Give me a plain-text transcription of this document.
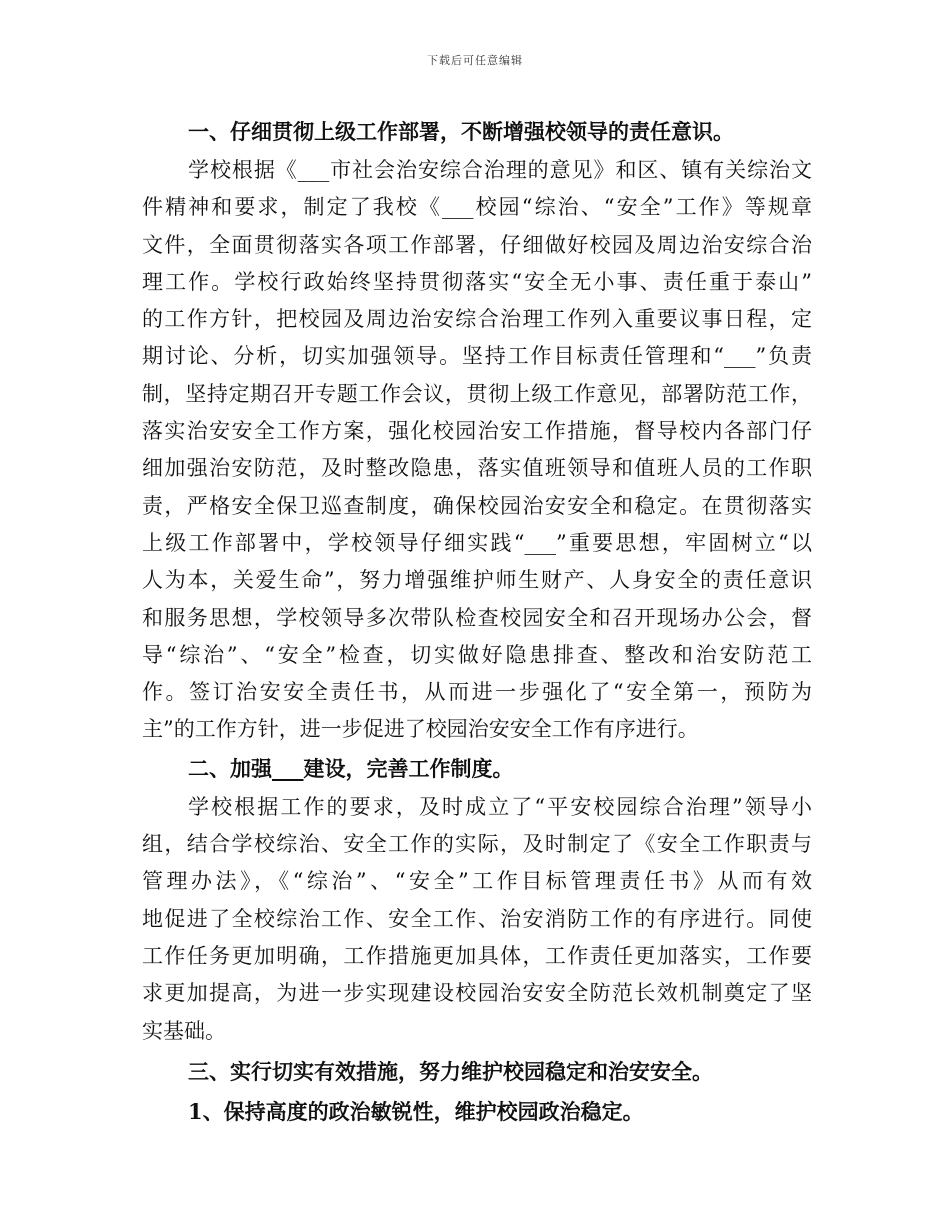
下载后可任意编辑
一、仔细贯彻上级工作部署，不断增强校领导的责任意识。
学校根据《___市社会治安综合治理的意见》和区、镇有关综治文
件精神和要求，制定了我校《___校园“综治、“安全”工作》等规章
文件，全面贯彻落实各项工作部署，仔细做好校园及周边治安综合治
理工作。学校行政始终坚持贯彻落实“安全无小事、责任重于泰山”
的工作方针，把校园及周边治安综合治理工作列入重要议事日程，定
期讨论、分析，切实加强领导。坚持工作目标责任管理和“___”负责
制，坚持定期召开专题工作会议，贯彻上级工作意见，部署防范工作，
落实治安安全工作方案，强化校园治安工作措施，督导校内各部门仔
细加强治安防范，及时整改隐患，落实值班领导和值班人员的工作职
责，严格安全保卫巡查制度，确保校园治安安全和稳定。在贯彻落实
上级工作部署中，学校领导仔细实践“___”重要思想，牢固树立“以
人为本，关爱生命”，努力增强维护师生财产、人身安全的责任意识
和服务思想，学校领导多次带队检查校园安全和召开现场办公会，督
导“综治”、“安全”检查，切实做好隐患排查、整改和治安防范工
作。签订治安安全责任书，从而进一步强化了“安全第一，预防为
主”的工作方针，进一步促进了校园治安安全工作有序进行。
二、加强___建设，完善工作制度。
学校根据工作的要求，及时成立了“平安校园综合治理”领导小
组，结合学校综治、安全工作的实际，及时制定了《安全工作职责与
管理办法》，《“综治”、“安全”工作目标管理责任书》从而有效
地促进了全校综治工作、安全工作、治安消防工作的有序进行。同使
工作任务更加明确，工作措施更加具体，工作责任更加落实，工作要
求更加提高，为进一步实现建设校园治安安全防范长效机制奠定了坚
实基础。
三、实行切实有效措施，努力维护校园稳定和治安安全。
1、保持高度的政治敏锐性，维护校园政治稳定。
